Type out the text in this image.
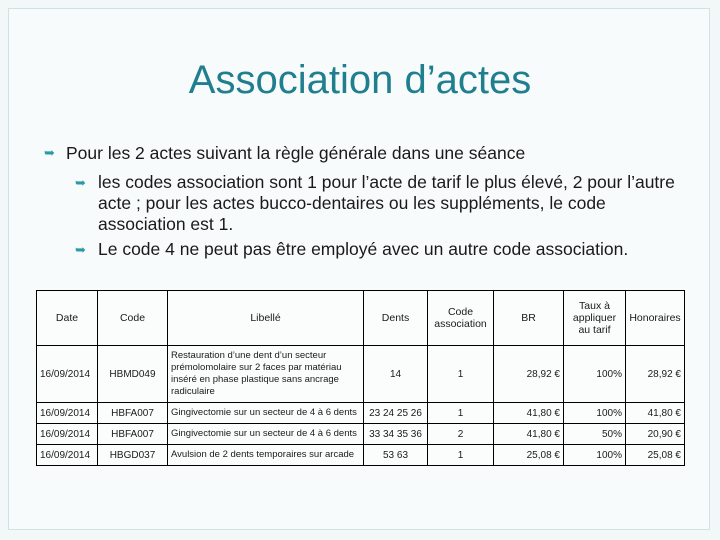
Association d’actes
➥ Pour les 2 actes suivant la règle générale dans une séance
➥ les codes association sont 1 pour l’acte de tarif le plus élevé, 2 pour l’autre acte ; pour les actes bucco-dentaires ou les suppléments, le code association est 1.
➥ Le code 4 ne peut pas être employé avec un autre code association.
Date	Code	Libellé	Dents	Code association	BR	Taux à appliquer au tarif	Honoraires
16/09/2014	HBMD049	Restauration d’une dent d’un secteur prémolomolaire sur 2 faces par matériau inséré en phase plastique sans ancrage radiculaire	14	1	28,92 €	100%	28,92 €
16/09/2014	HBFA007	Gingivectomie sur un secteur de 4 à 6 dents	23 24 25 26	1	41,80 €	100%	41,80 €
16/09/2014	HBFA007	Gingivectomie sur un secteur de 4 à 6 dents	33 34 35 36	2	41,80 €	50%	20,90 €
16/09/2014	HBGD037	Avulsion de 2 dents temporaires sur arcade	53 63	1	25,08 €	100%	25,08 €
